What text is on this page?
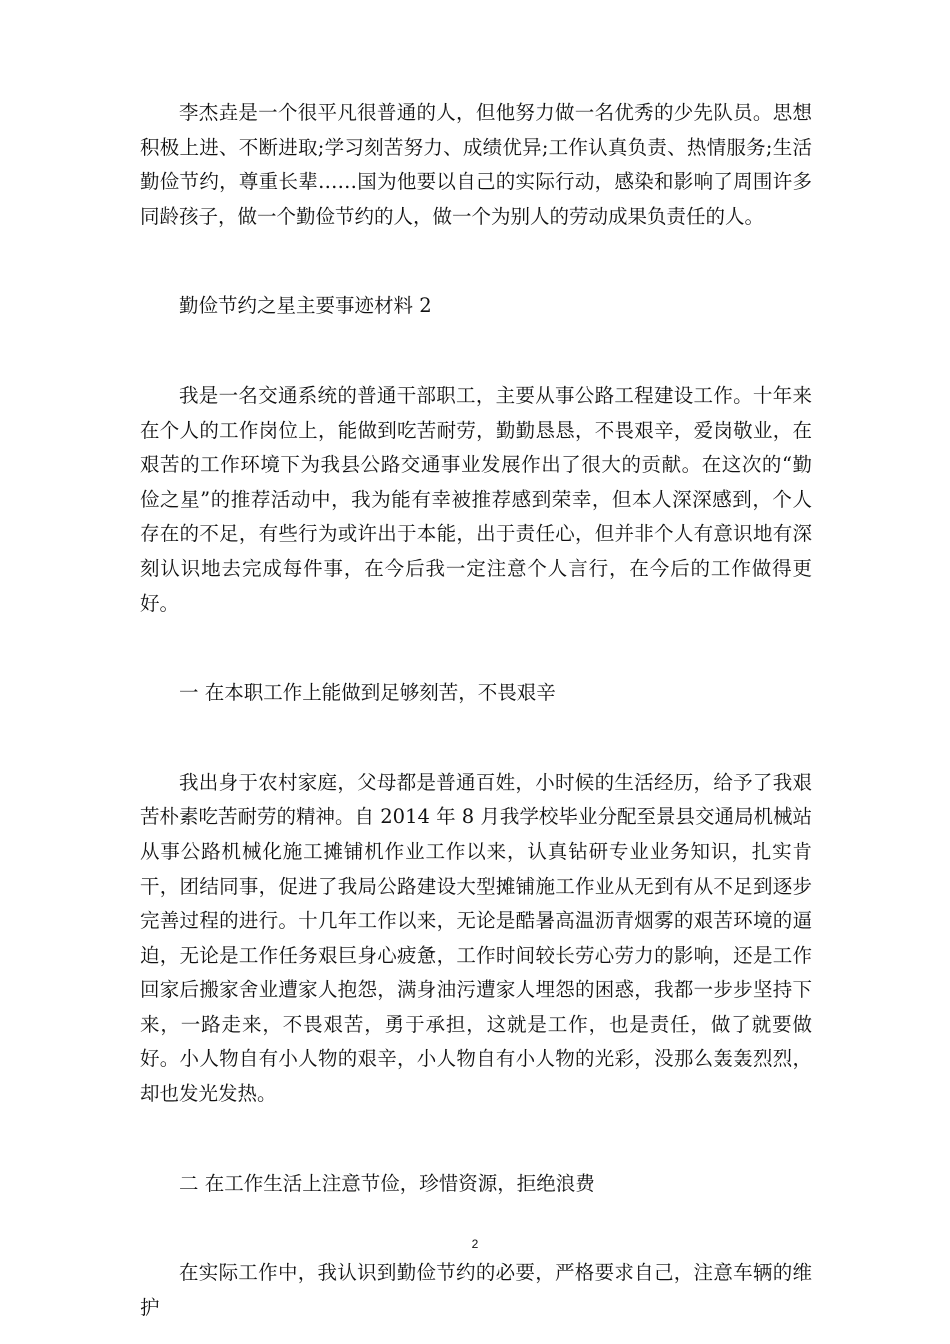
李杰垚是一个很平凡很普通的人，但他努力做一名优秀的少先队员。思想积极上进、不断进取;学习刻苦努力、成绩优异;工作认真负责、热情服务;生活勤俭节约，尊重长辈……国为他要以自己的实际行动，感染和影响了周围许多同龄孩子，做一个勤俭节约的人，做一个为别人的劳动成果负责任的人。

勤俭节约之星主要事迹材料 2

我是一名交通系统的普通干部职工，主要从事公路工程建设工作。十年来在个人的工作岗位上，能做到吃苦耐劳，勤勤恳恳，不畏艰辛，爱岗敬业，在艰苦的工作环境下为我县公路交通事业发展作出了很大的贡献。在这次的“勤俭之星”的推荐活动中，我为能有幸被推荐感到荣幸，但本人深深感到，个人存在的不足，有些行为或许出于本能，出于责任心，但并非个人有意识地有深刻认识地去完成每件事，在今后我一定注意个人言行，在今后的工作做得更好。

一 在本职工作上能做到足够刻苦，不畏艰辛

我出身于农村家庭，父母都是普通百姓，小时候的生活经历，给予了我艰苦朴素吃苦耐劳的精神。自 2014 年 8 月我学校毕业分配至景县交通局机械站从事公路机械化施工摊铺机作业工作以来，认真钻研专业业务知识，扎实肯干，团结同事，促进了我局公路建设大型摊铺施工作业从无到有从不足到逐步完善过程的进行。十几年工作以来，无论是酷暑高温沥青烟雾的艰苦环境的逼迫，无论是工作任务艰巨身心疲惫，工作时间较长劳心劳力的影响，还是工作回家后搬家舍业遭家人抱怨，满身油污遭家人埋怨的困惑，我都一步步坚持下来，一路走来，不畏艰苦，勇于承担，这就是工作，也是责任，做了就要做好。小人物自有小人物的艰辛，小人物自有小人物的光彩，没那么轰轰烈烈，却也发光发热。

二 在工作生活上注意节俭，珍惜资源，拒绝浪费

在实际工作中，我认识到勤俭节约的必要，严格要求自己，注意车辆的维护

2
